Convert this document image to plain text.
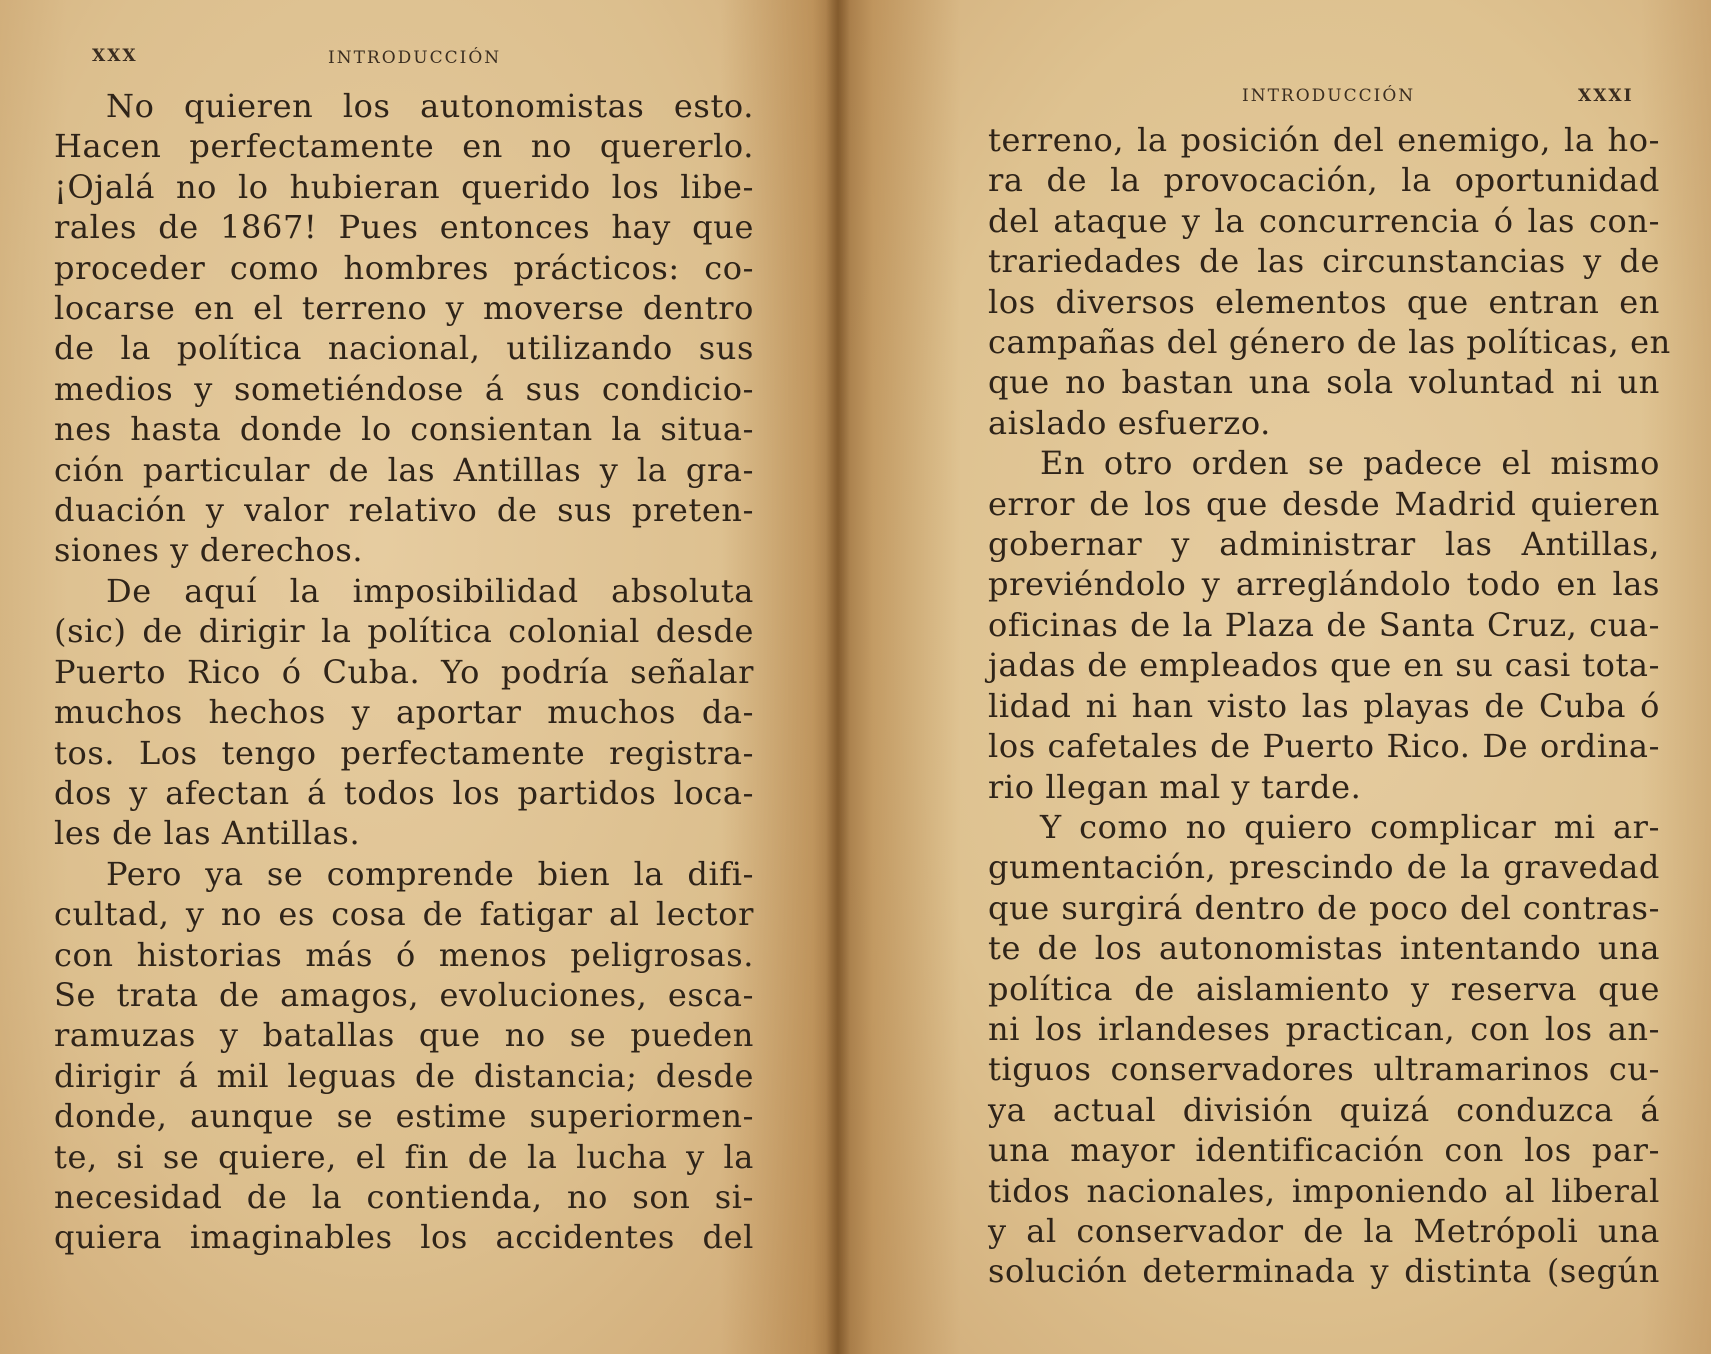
XXX	INTRODUCCIÓN
No quieren los autonomistas esto.
Hacen perfectamente en no quererlo.
¡Ojalá no lo hubieran querido los libe-
rales de 1867! Pues entonces hay que
proceder como hombres prácticos: co-
locarse en el terreno y moverse dentro
de la política nacional, utilizando sus
medios y sometiéndose á sus condicio-
nes hasta donde lo consientan la situa-
ción particular de las Antillas y la gra-
duación y valor relativo de sus preten-
siones y derechos.
De aquí la imposibilidad absoluta
(sic) de dirigir la política colonial desde
Puerto Rico ó Cuba. Yo podría señalar
muchos hechos y aportar muchos da-
tos. Los tengo perfectamente registra-
dos y afectan á todos los partidos loca-
les de las Antillas.
Pero ya se comprende bien la difi-
cultad, y no es cosa de fatigar al lector
con historias más ó menos peligrosas.
Se trata de amagos, evoluciones, esca-
ramuzas y batallas que no se pueden
dirigir á mil leguas de distancia; desde
donde, aunque se estime superiormen-
te, si se quiere, el fin de la lucha y la
necesidad de la contienda, no son si-
quiera imaginables los accidentes del
INTRODUCCIÓN	XXXI
terreno, la posición del enemigo, la ho-
ra de la provocación, la oportunidad
del ataque y la concurrencia ó las con-
trariedades de las circunstancias y de
los diversos elementos que entran en
campañas del género de las políticas, en
que no bastan una sola voluntad ni un
aislado esfuerzo.
En otro orden se padece el mismo
error de los que desde Madrid quieren
gobernar y administrar las Antillas,
previéndolo y arreglándolo todo en las
oficinas de la Plaza de Santa Cruz, cua-
jadas de empleados que en su casi tota-
lidad ni han visto las playas de Cuba ó
los cafetales de Puerto Rico. De ordina-
rio llegan mal y tarde.
Y como no quiero complicar mi ar-
gumentación, prescindo de la gravedad
que surgirá dentro de poco del contras-
te de los autonomistas intentando una
política de aislamiento y reserva que
ni los irlandeses practican, con los an-
tiguos conservadores ultramarinos cu-
ya actual división quizá conduzca á
una mayor identificación con los par-
tidos nacionales, imponiendo al liberal
y al conservador de la Metrópoli una
solución determinada y distinta (según
